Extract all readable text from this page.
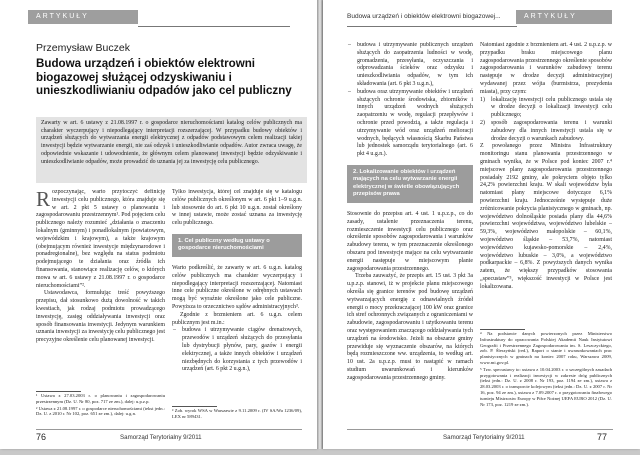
ARTYKUŁY
Przemysław Buczek
Budowa urządzeń i obiektów elektrowni biogazowej służącej odzyskiwaniu i unieszkodliwianiu odpadów jako cel publiczny
Zawarty w art. 6 ustawy z 21.08.1997 r. o gospodarce nieruchomościami katalog celów publicznych ma charakter wyczerpujący i niepodlegający interpretacji rozszerzającej. W przypadku budowy obiektów i urządzeń służących do wytwarzania energii elektrycznej z odpadów podstawowym celem realizacji takiej inwestycji będzie wytwarzanie energii, nie zaś odzysk i unieszkodliwianie odpadów. Autor zwraca uwagę, że odpowiednie wskazanie i udowodnienie, że głównym celem planowanej inwestycji będzie odzyskiwanie i unieszkodliwianie odpadów, może prowadzić do uznania jej za inwestycję celu publicznego.

Rozpoczynając, warto przytoczyć definicję inwestycji celu publicznego, która znajduje się w art. 2 pkt 5 ustawy o planowaniu i zagospodarowaniu przestrzennym¹. Pod pojęciem celu publicznego należy rozumieć „działania o znaczeniu lokalnym (gminnym) i ponadlokalnym (powiatowym, wojewódzkim i krajowym), a także krajowym (obejmującym również inwestycje międzynarodowe i ponadregionalne), bez względu na status podmiotu podejmującego te działania oraz źródła ich finansowania, stanowiące realizację celów, o których mowa w art. 6 ustawy z 21.08.1997 r. o gospodarce nieruchomościami”².

Ustawodawca, formułując treść powyższego przepisu, dał stosunkowo dużą dowolność w takich kwestiach, jak rodzaj podmiotu prowadzącego inwestycję, zasięg oddziaływania inwestycji oraz sposób finansowania inwestycji. Jedynym warunkiem uznania inwestycji za inwestycję celu publicznego jest precyzyjne określenie celu planowanej inwestycji.

¹ Ustawa z 27.03.2003 r. o planowaniu i zagospodarowaniu przestrzennym (Dz. U. Nr 80, poz. 717 ze zm.), dalej: u.p.z.p.
² Ustawa z 21.08.1997 r. o gospodarce nieruchomościami (tekst jedn.: Dz. U. z 2010 r. Nr 102, poz. 651 ze zm.), dalej: u.g.n.

Tylko inwestycja, której cel znajduje się w katalogu celów publicznych określonym w art. 6 pkt 1–9 u.g.n. lub stosownie do art. 6 pkt 10 u.g.n. został określony w innej ustawie, może zostać uznana za inwestycję celu publicznego.

1. Cel publiczny według ustawy o gospodarce nieruchomościami

Warto podkreślić, że zawarty w art. 6 u.g.n. katalog celów publicznych ma charakter wyczerpujący i niepodlegający interpretacji rozszerzającej. Natomiast inne cele publiczne określone w odrębnych ustawach mogą być wyraźnie określone jako cele publiczne. Powyższa to orzecznictwo sądów administracyjnych³.

Zgodnie z brzmieniem art. 6 u.g.n. celem publicznym jest m.in.:

– budowa i utrzymywanie ciągów drenażowych, przewodów i urządzeń służących do przesyłania lub dystrybucji płynów, pary, gazów i energii elektrycznej, a także innych obiektów i urządzeń niezbędnych do korzystania z tych przewodów i urządzeń (art. 6 pkt 2 u.g.n.),
³ Zob. wyrok WSA w Warszawie z 9.11.2009 r. (IV SA/Wa 1236/09), LEX nr 589431.
76	Samorząd Terytorialny 9/2011
Budowa urządzeń i obiektów elektrowni biogazowej...	ARTYKUŁY
– budowa i utrzymywanie publicznych urządzeń służących do zaopatrzenia ludności w wodę, gromadzenia, przesyłania, oczyszczania i odprowadzania ścieków oraz odzysku i unieszkodliwiania odpadów, w tym ich składowania (art. 6 pkt 3 u.g.n.),
– budowa oraz utrzymywanie obiektów i urządzeń służących ochronie środowiska, zbiorników i innych urządzeń wodnych służących zaopatrzeniu w wodę, regulacji przepływów i ochronie przed powodzią, a także regulacja i utrzymywanie wód oraz urządzeń melioracji wodnych, będących własnością Skarbu Państwa lub jednostek samorządu terytorialnego (art. 6 pkt 4 u.g.n.).
2. Lokalizowanie obiektów i urządzeń mających na celu wytwarzanie energii elektrycznej w świetle obowiązujących przepisów prawa

Stosownie do przepisu art. 4 ust. 1 u.p.z.p., co do zasady, ustalenie przeznaczenia terenu, rozmieszczenie inwestycji celu publicznego oraz określenie sposobów zagospodarowania i warunków zabudowy terenu, w tym przeznaczenie określonego obszaru pod inwestycje mające na celu wytwarzanie energii następuje w miejscowym planie zagospodarowania przestrzennego.

Trzeba zauważyć, że przepis art. 15 ust. 3 pkt 3a u.p.z.p. stanowi, iż w projekcie planu miejscowego określa się granice terenów pod budowę urządzeń wytwarzających energię z odnawialnych źródeł energii o mocy przekraczającej 100 kW oraz granice ich stref ochronnych związanych z ograniczeniami w zabudowie, zagospodarowaniu i użytkowaniu terenu oraz występowaniem znaczącego oddziaływania tych urządzeń na środowisko. Jeżeli na obszarze gminy przewiduje się wyznaczenie obszarów, na których będą rozmieszczone ww. urządzenia, to według art. 10 ust. 2a u.p.z.p. musi to nastąpić w ramach studium uwarunkowań i kierunków zagospodarowania przestrzennego gminy.

Natomiast zgodnie z brzmieniem art. 4 ust. 2 u.p.z.p. w przypadku braku miejscowego planu zagospodarowania przestrzennego określenie sposobów zagospodarowania i warunków zabudowy terenu następuje w drodze decyzji administracyjnej wydawanej przez wójta (burmistrza, prezydenta miasta), przy czym:

1) lokalizację inwestycji celu publicznego ustala się w drodze decyzji o lokalizacji inwestycji celu publicznego;
2) sposób zagospodarowania terenu i warunki zabudowy dla innych inwestycji ustala się w drodze decyzji o warunkach zabudowy.

Z powołanego przez Ministra Infrastruktury monitoringu stanu planowania przestrzennego w gminach wynika, że w Polsce pod koniec 2007 r.⁴ miejscowe plany zagospodarowania przestrzennego posiadały 2192 gminy, ale pokryciem objęto tylko 24,2% powierzchni kraju. W skali województw była natomiast plany miejscowe dotyczące 6,1% powierzchni kraju. Jednocześnie występuje duże zróżnicowanie pokrycia planistycznego w gminach, np. województwo dolnośląskie posiada plany dla 44,6% powierzchni województwa, województwo lubelskie – 59,3%, województwo małopolskie – 60,1%, województwo śląskie – 53,7%, natomiast województwo kujawsko-pomorskie – 2,4%, województwo lubuskie – 3,0%, a województwo podkarpackie – 6,8%. Z powyższych danych wynika zatem, że większy przypadków stosowania „specustaw”⁵, większość inwestycji w Polsce jest lokalizowana.

⁴ Na podstawie danych powierzonych przez Ministerstwo Infrastruktury do opracowania Polskiej Akademii Nauk Instytutowi Geografii i Przestrzennego Zagospodarowania im. S. Leszczyckiego, zob. P. Śleszyński (red.), Raport o stanie i uwarunkowaniach prac planistycznych w gminach na koniec 2007 roku, Warszawa 2009, www.mi.gov.pl.
⁵ Tzw. specustawy to: ustawa z 10.04.2003 r. o szczególnych zasadach przygotowania i realizacji inwestycji w zakresie dróg publicznych (tekst jedn.: Dz. U. z 2008 r. Nr 193, poz. 1194 ze zm.), ustawa z 28.03.2003 r. o transporcie kolejowym (tekst jedn.: Dz. U. z 2007 r. Nr 16, poz. 94 ze zm.), ustawa z 7.09.2007 r. o przygotowaniu finałowego turnieju Mistrzostw Europy w Piłce Nożnej UEFA EURO 2012 (Dz. U. Nr 173, poz. 1219 ze zm.).
Samorząd Terytorialny 9/2011	77
